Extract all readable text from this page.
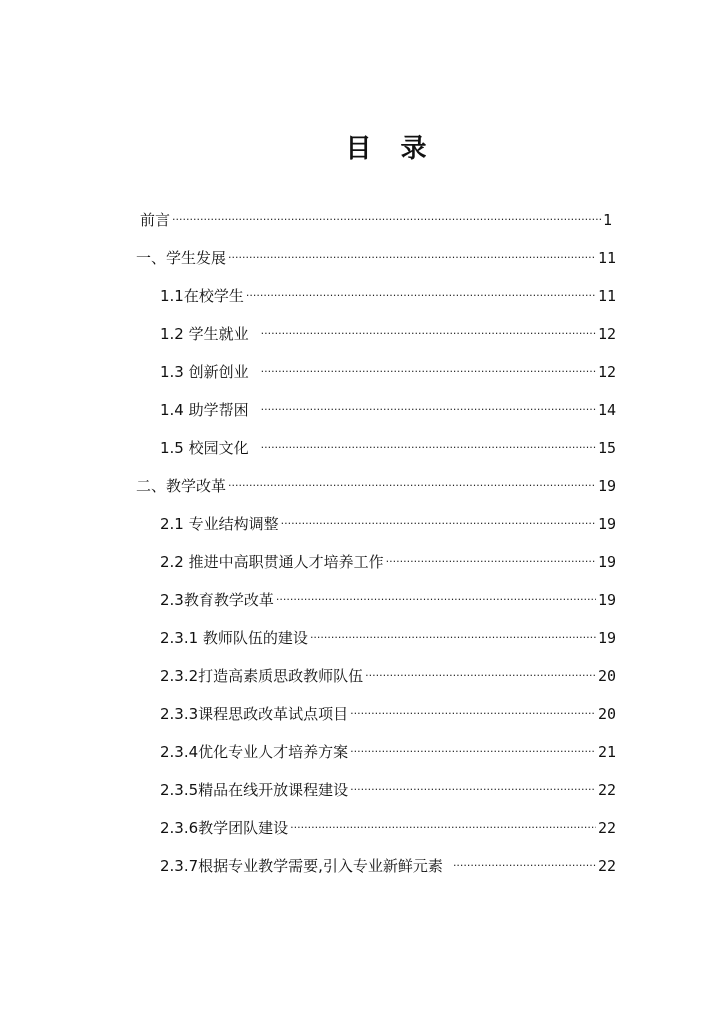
目 录
前言 ·····	1
一、学生发展 ·····	11
1.1在校学生 ·····	11
1.2 学生就业 ·····	12
1.3 创新创业 ·····	12
1.4 助学帮困 ·····	14
1.5 校园文化 ·····	15
二、教学改革 ·····	19
2.1 专业结构调整 ·····	19
2.2 推进中高职贯通人才培养工作 ·····	19
2.3教育教学改革 ·····	19
2.3.1 教师队伍的建设 ·····	19
2.3.2打造高素质思政教师队伍 ·····	20
2.3.3课程思政改革试点项目 ·····	20
2.3.4优化专业人才培养方案 ·····	21
2.3.5精品在线开放课程建设 ·····	22
2.3.6教学团队建设 ·····	22
2.3.7根据专业教学需要,引入专业新鲜元素 ·····	22
